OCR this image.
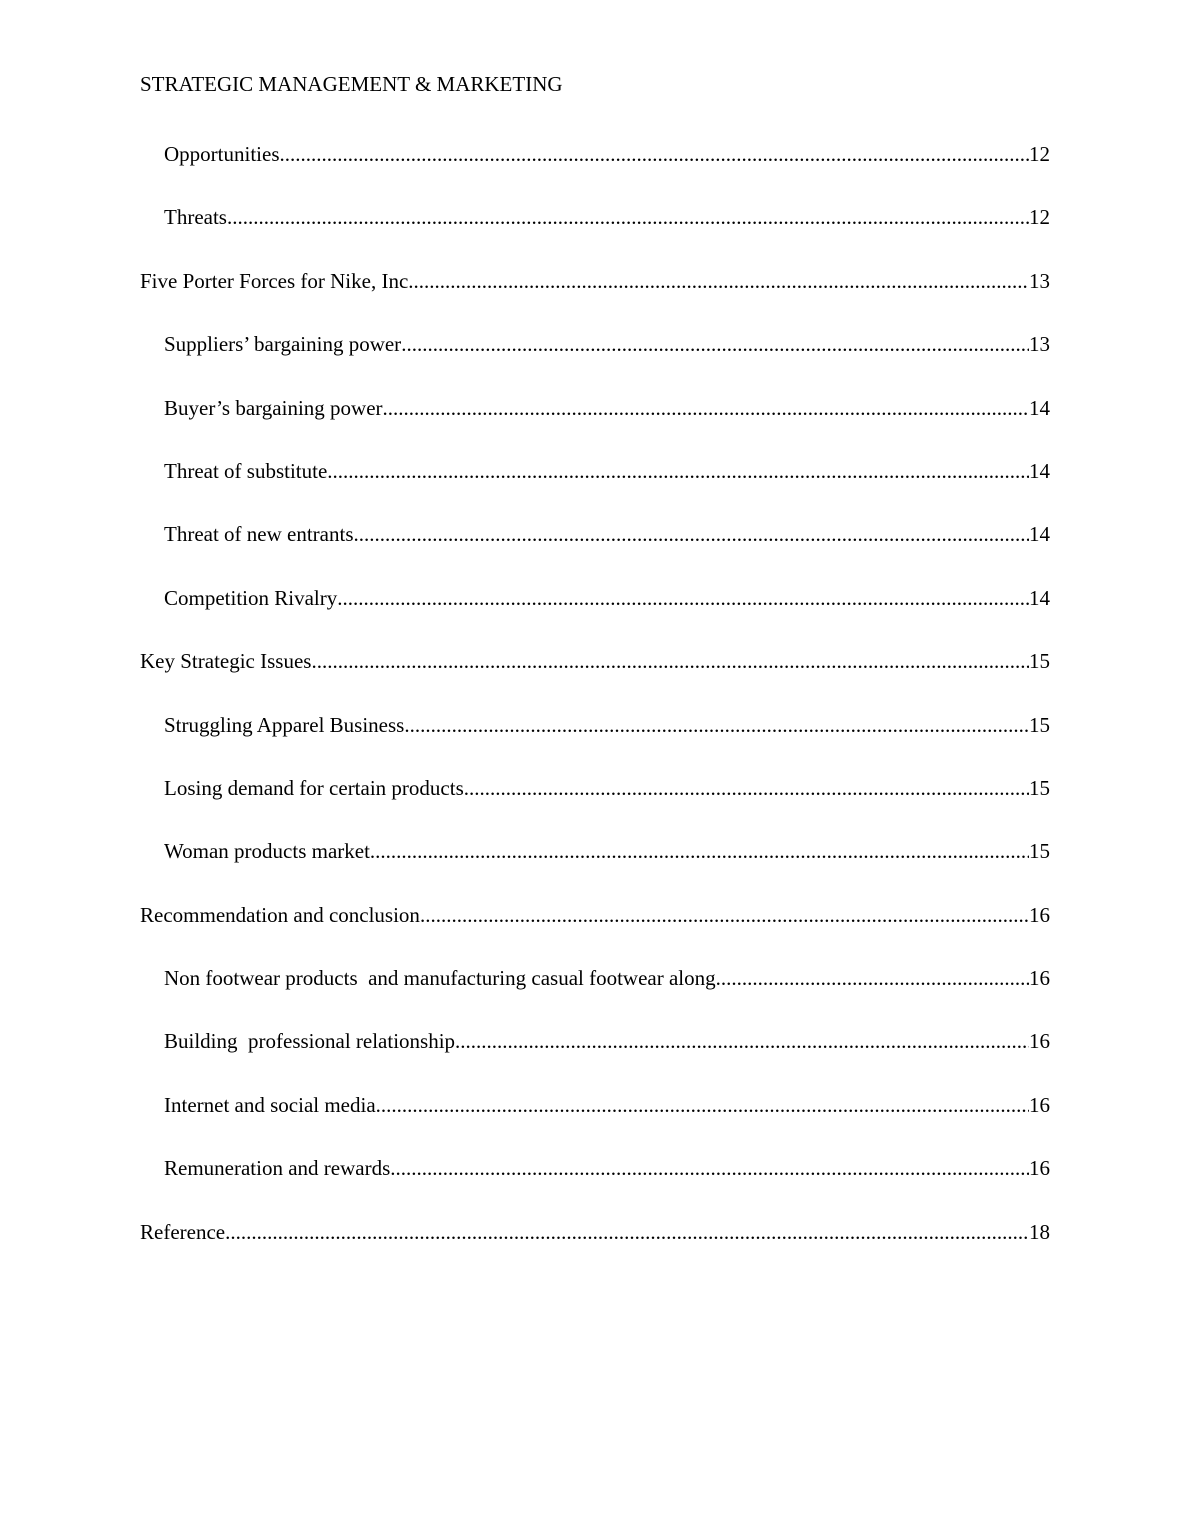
STRATEGIC MANAGEMENT & MARKETING
Opportunities .....	12
Threats .....	12
Five Porter Forces for Nike, Inc .....	13
Suppliers’ bargaining power .....	13
Buyer’s bargaining power .....	14
Threat of substitute .....	14
Threat of new entrants .....	14
Competition Rivalry .....	14
Key Strategic Issues .....	15
Struggling Apparel Business .....	15
Losing demand for certain products .....	15
Woman products market .....	15
Recommendation and conclusion .....	16
Non footwear products  and manufacturing casual footwear along .....	16
Building  professional relationship .....	16
Internet and social media .....	16
Remuneration and rewards .....	16
Reference .....	18
